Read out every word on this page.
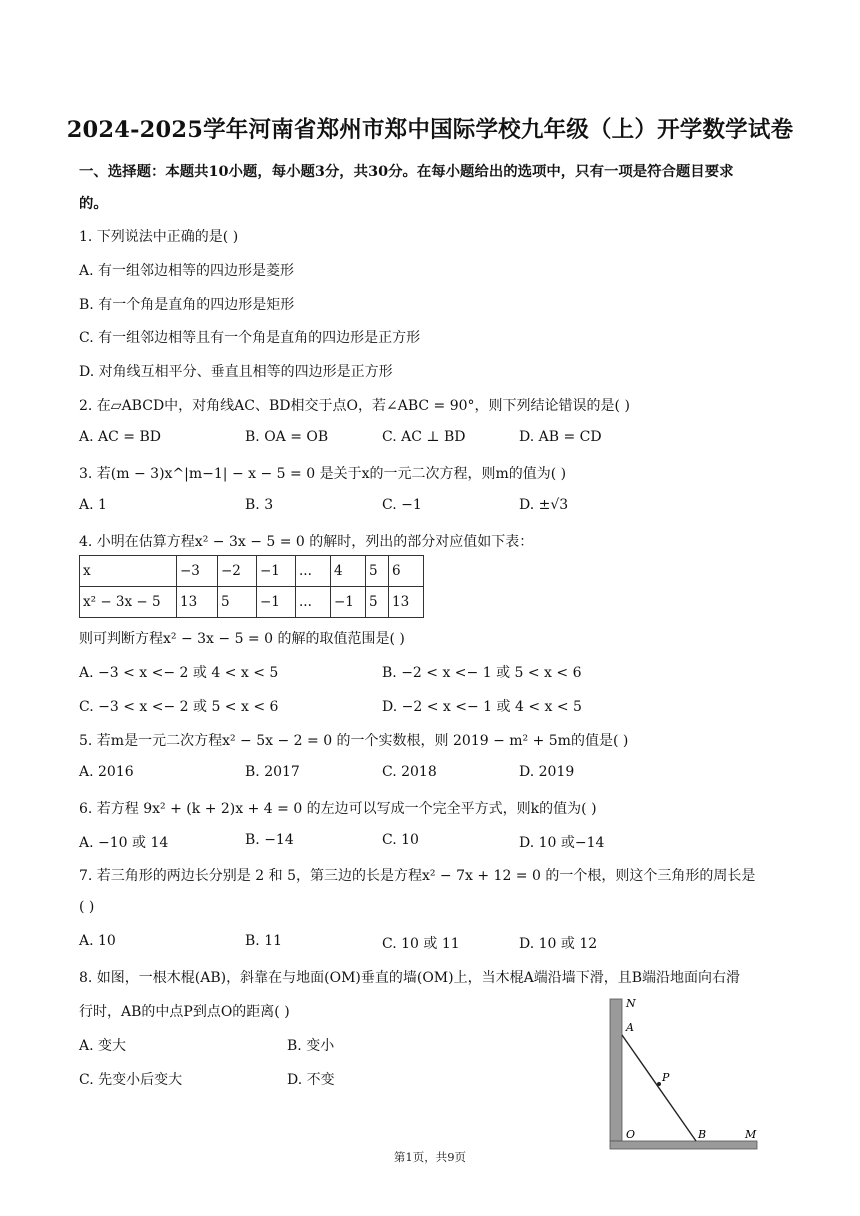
2024-2025学年河南省郑州市郑中国际学校九年级（上）开学数学试卷
一、选择题：本题共10小题，每小题3分，共30分。在每小题给出的选项中，只有一项是符合题目要求
的。
1. 下列说法中正确的是( )
A. 有一组邻边相等的四边形是菱形
B. 有一个角是直角的四边形是矩形
C. 有一组邻边相等且有一个角是直角的四边形是正方形
D. 对角线互相平分、垂直且相等的四边形是正方形
2. 在▱ABCD中，对角线AC、BD相交于点O，若∠ABC = 90°，则下列结论错误的是( )
A. AC = BD	B. OA = OB	C. AC ⊥ BD	D. AB = CD
3. 若(m − 3)x^|m−1| − x − 5 = 0 是关于x的一元二次方程，则m的值为( )
A. 1	B. 3	C. −1	D. ±√3
4. 小明在估算方程x² − 3x − 5 = 0 的解时，列出的部分对应值如下表：
x	−3	−2	−1	...	4	5	6
x² − 3x − 5	13	5	−1	...	−1	5	13
则可判断方程x² − 3x − 5 = 0 的解的取值范围是( )
A. −3 < x <− 2 或 4 < x < 5	B. −2 < x <− 1 或 5 < x < 6
C. −3 < x <− 2 或 5 < x < 6	D. −2 < x <− 1 或 4 < x < 5
5. 若m是一元二次方程x² − 5x − 2 = 0 的一个实数根，则 2019 − m² + 5m的值是( )
A. 2016	B. 2017	C. 2018	D. 2019
6. 若方程 9x² + (k + 2)x + 4 = 0 的左边可以写成一个完全平方式，则k的值为( )
A. −10 或 14	B. −14	C. 10	D. 10 或−14
7. 若三角形的两边长分别是 2 和 5，第三边的长是方程x² − 7x + 12 = 0 的一个根，则这个三角形的周长是
( )
A. 10	B. 11	C. 10 或 11	D. 10 或 12
8. 如图，一根木棍(AB)，斜靠在与地面(OM)垂直的墙(OM)上，当木棍A端沿墙下滑，且B端沿地面向右滑
行时，AB的中点P到点O的距离( )
A. 变大	B. 变小
C. 先变小后变大	D. 不变
N
A
P
O	B	M
第1页，共9页
